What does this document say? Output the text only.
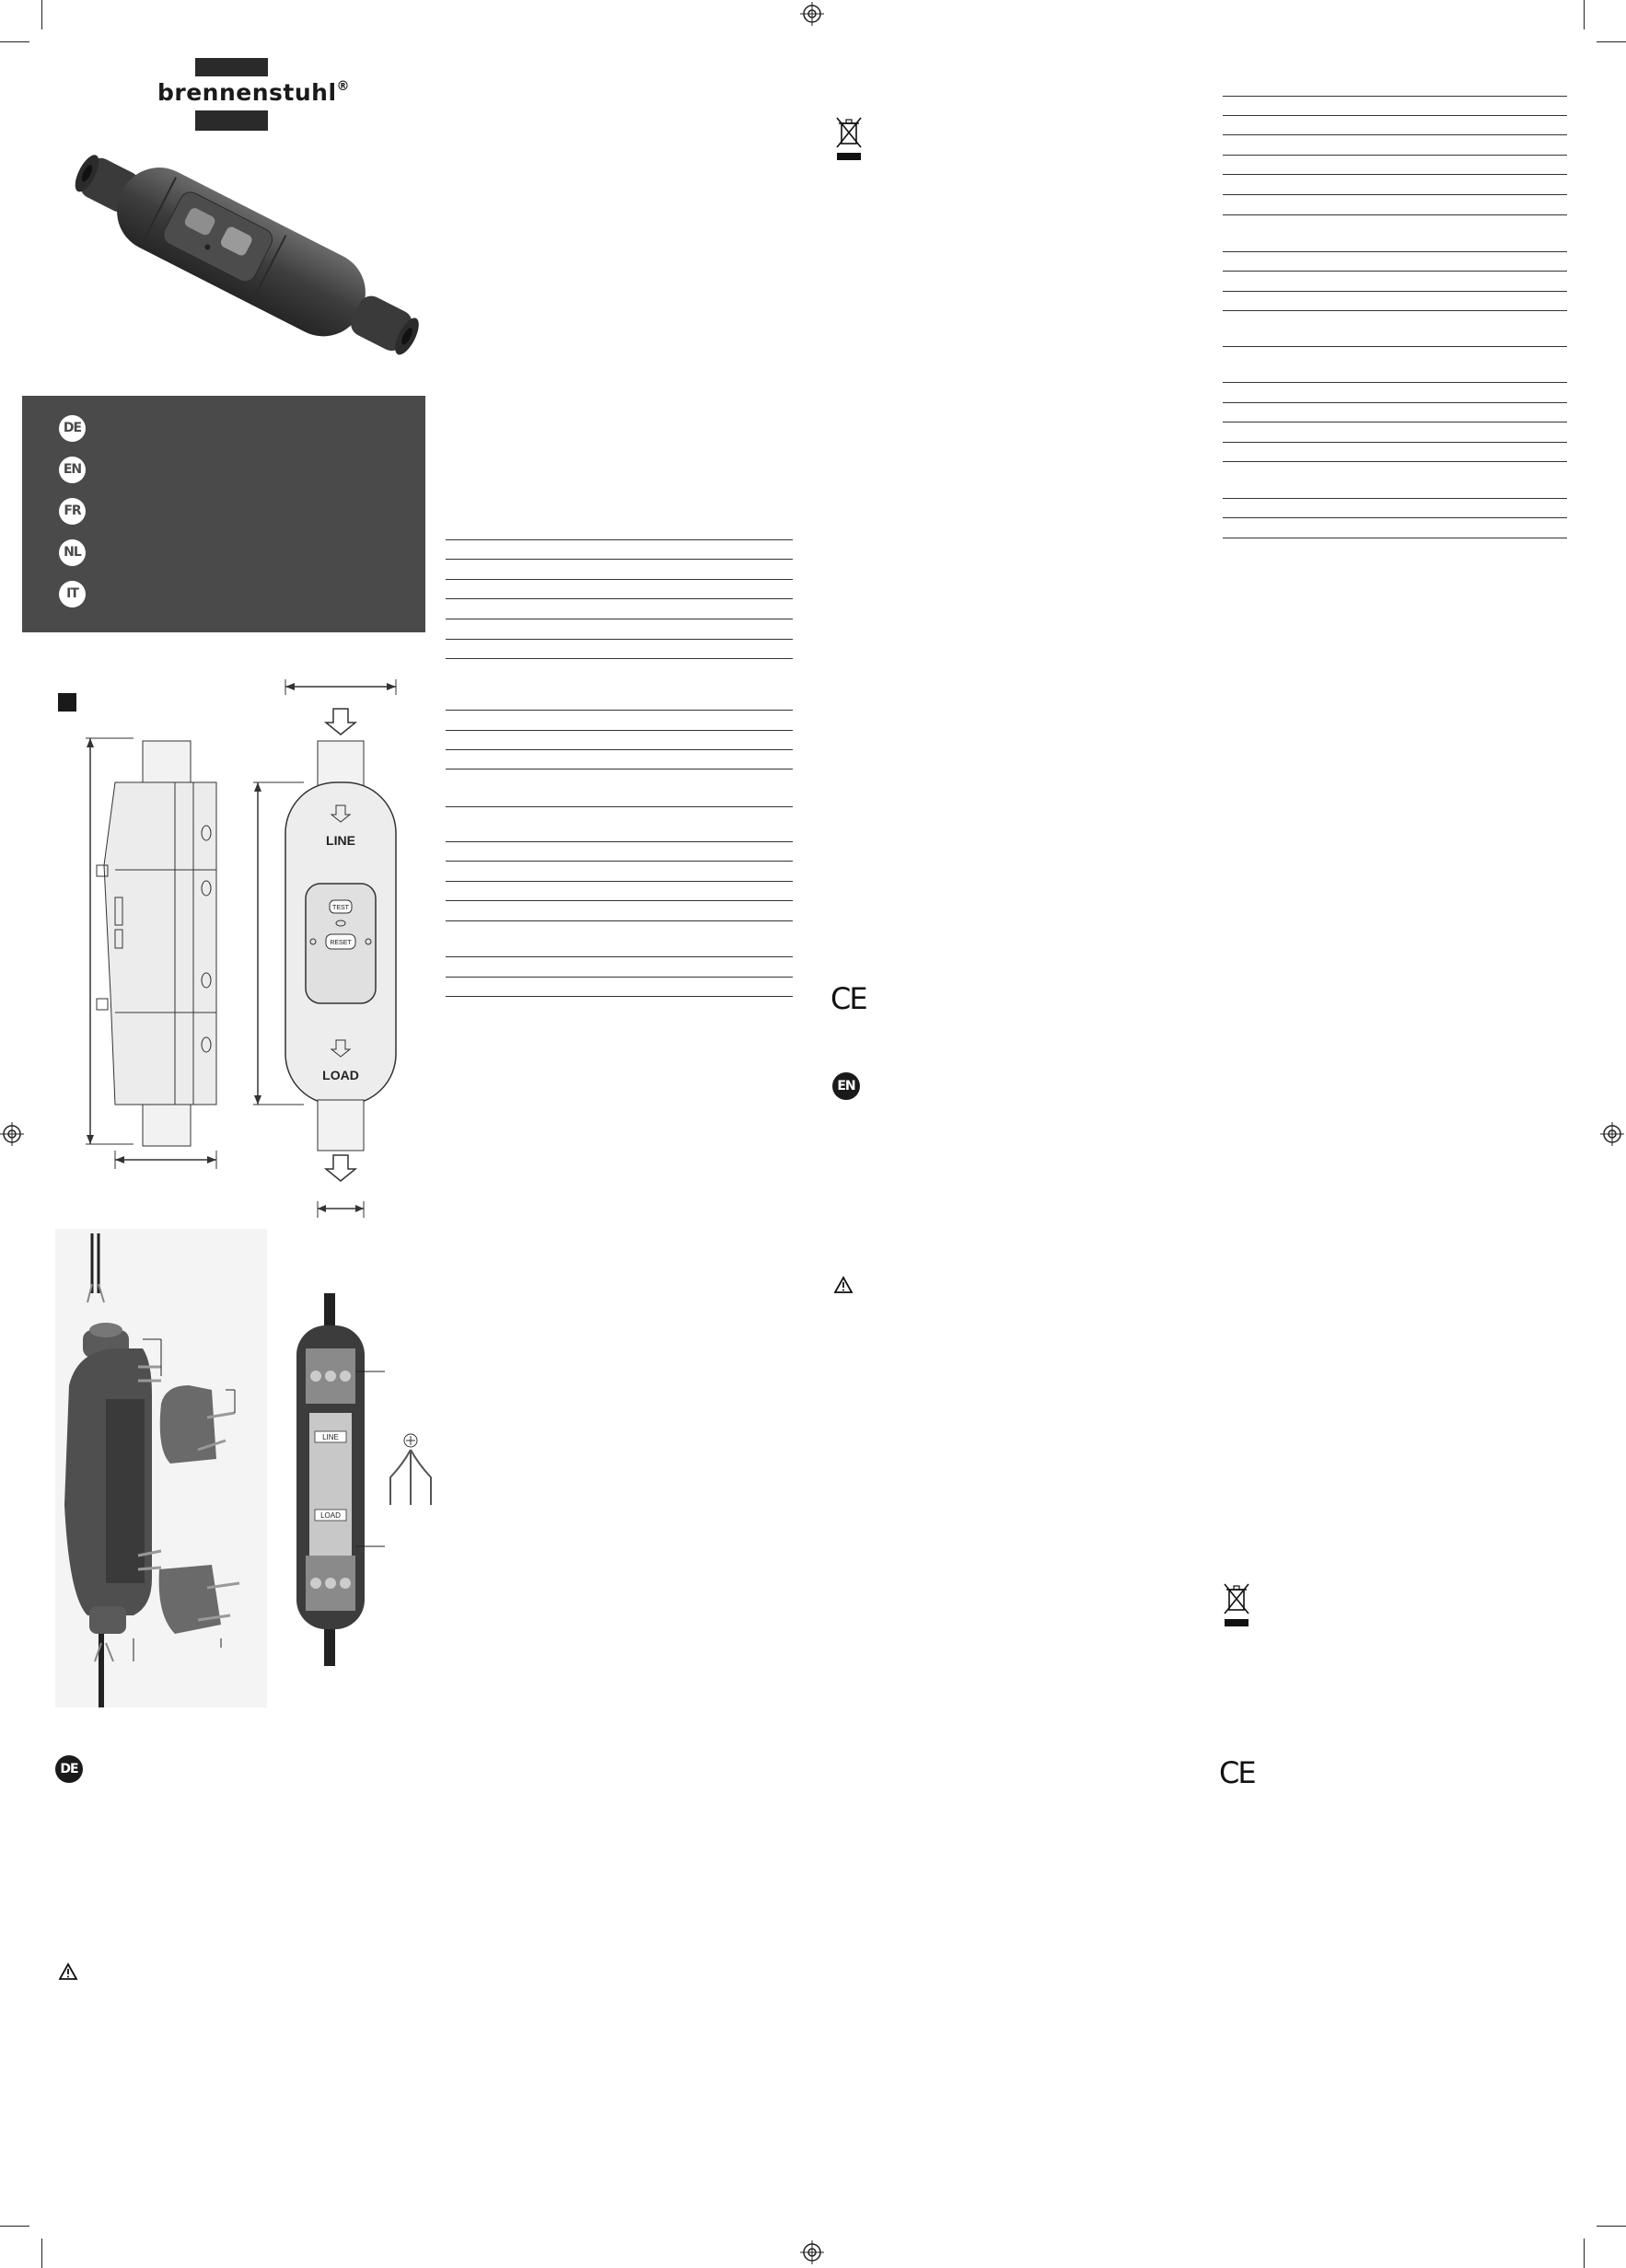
brennenstuhl®
DE
EN
FR
NL
IT
LINE
TEST
RESET
LOAD
LINE
LOAD
DE
CE
EN
CE
